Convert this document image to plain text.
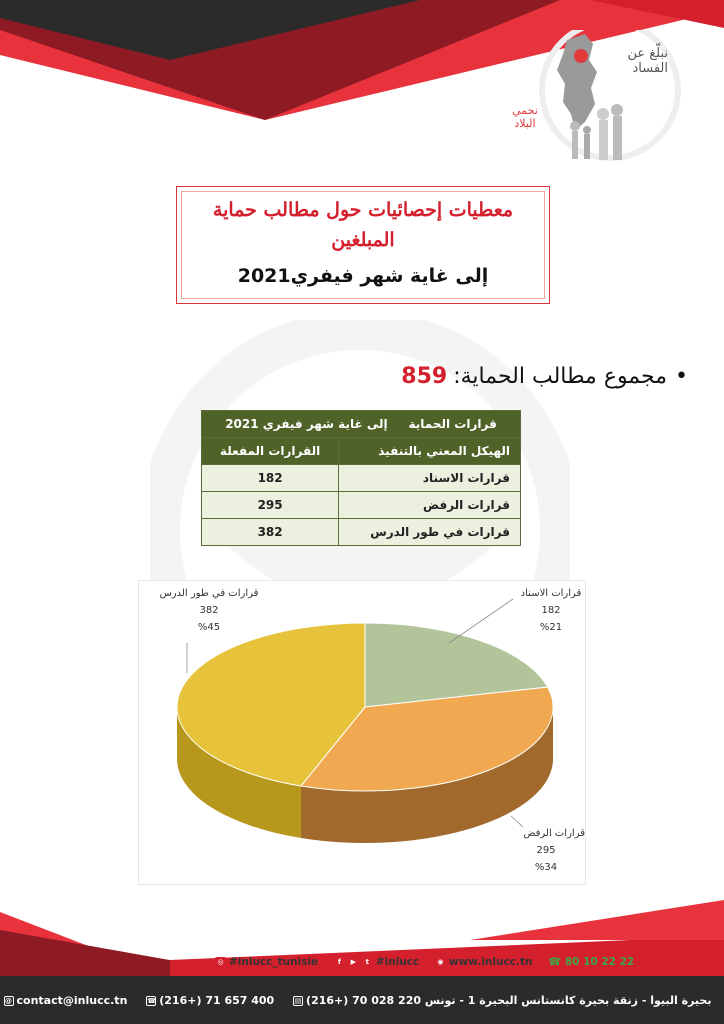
نبلّغ عن الفساد
نحمي البلاد
معطيات إحصائيات حول مطالب حماية المبلغين
إلى غاية شهر فيفري2021
•مجموع مطالب الحماية:859
قرارات الحماية     إلى غاية شهر فيفري 2021	
الهيكل المعني بالتنفيذ	القرارات المفعلة
قرارات الاسناد	182
قرارات الرفض	295
قرارات في طور الدرس	382
قرارات الاسناد
182
%21
قرارات الرفض
295
%34
قرارات في طور الدرس
382
%45
◎ #inlucc_tunisie	f ▶ t #inlucc	◉ www.inlucc.tn ☎ 80 10 22 22
@ contact@inlucc.tn	☎ (216+) 71 657 400	▤ (216+) 70 028 220 بحيرة البيوا - زنقة بحيرة كانستانس البحيرة 1 - تونس
